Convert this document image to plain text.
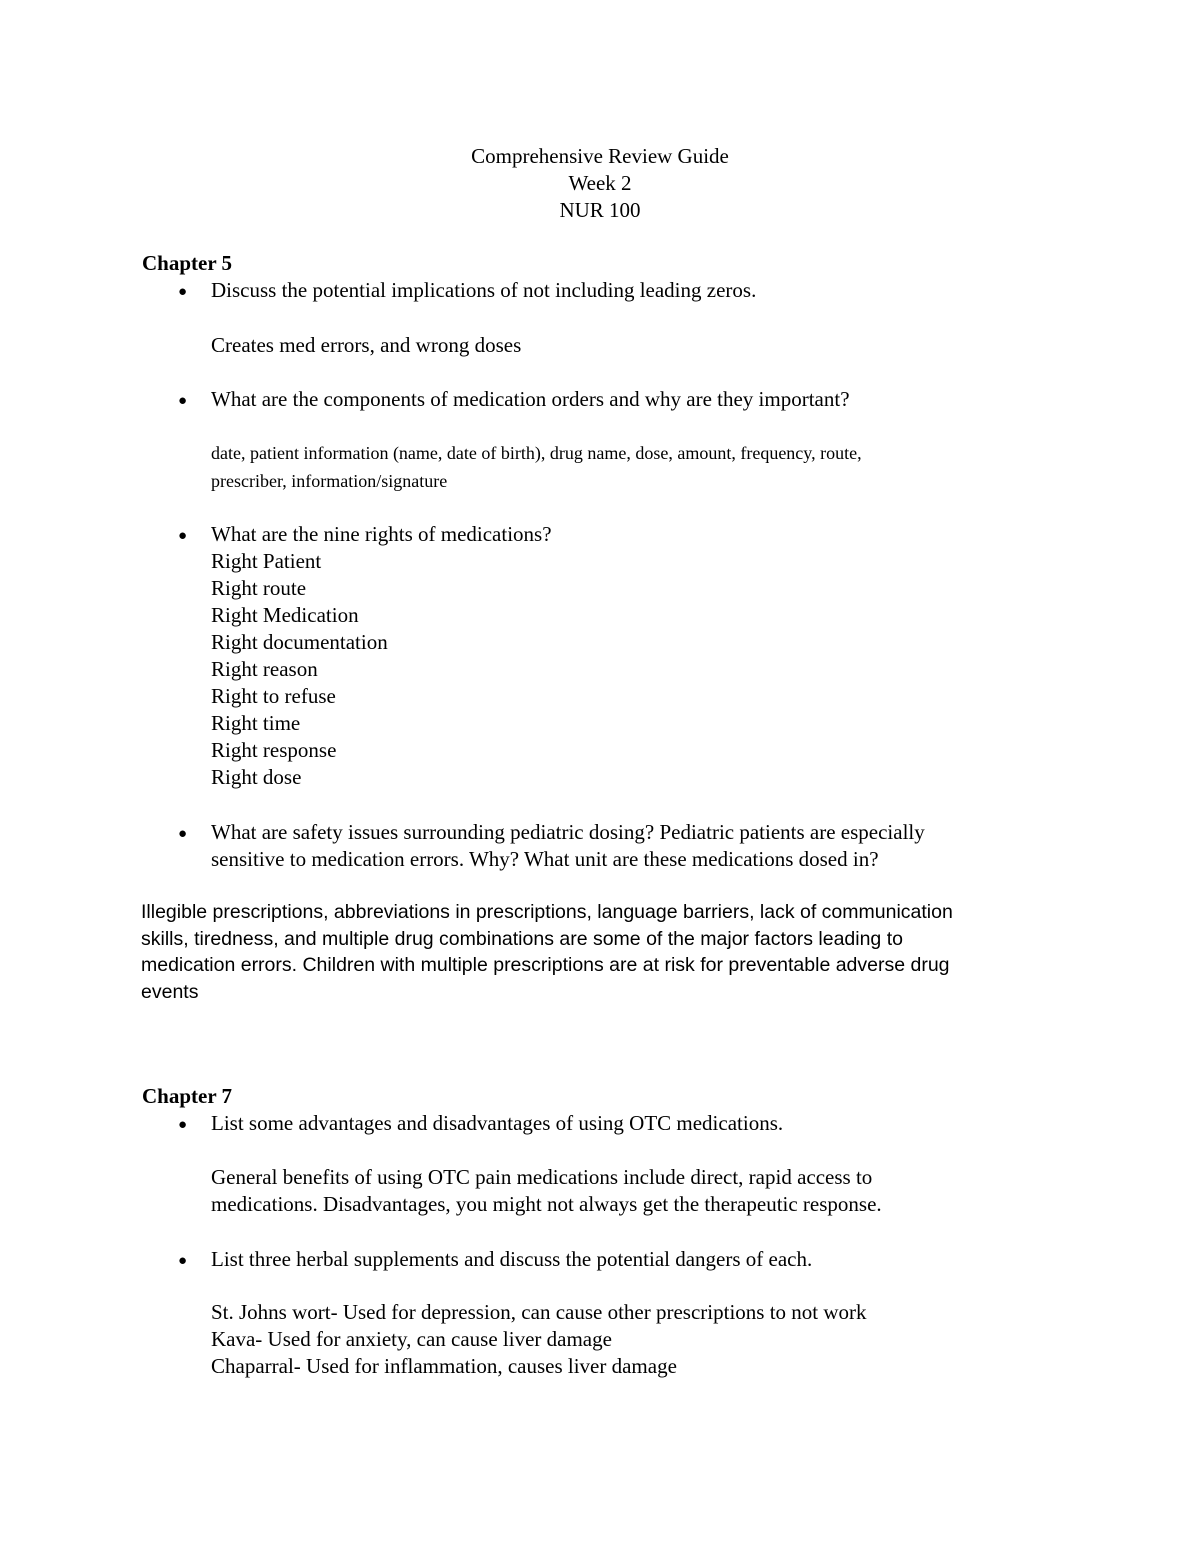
Comprehensive Review Guide
Week 2
NUR 100
Chapter 5
● Discuss the potential implications of not including leading zeros.
Creates med errors, and wrong doses
● What are the components of medication orders and why are they important?
date, patient information (name, date of birth), drug name, dose, amount, frequency, route,
prescriber, information/signature
● What are the nine rights of medications?
Right Patient
Right route
Right Medication
Right documentation
Right reason
Right to refuse
Right time
Right response
Right dose
● What are safety issues surrounding pediatric dosing? Pediatric patients are especially
sensitive to medication errors. Why? What unit are these medications dosed in?
Illegible prescriptions, abbreviations in prescriptions, language barriers, lack of communication
skills, tiredness, and multiple drug combinations are some of the major factors leading to
medication errors. Children with multiple prescriptions are at risk for preventable adverse drug
events
Chapter 7
● List some advantages and disadvantages of using OTC medications.
General benefits of using OTC pain medications include direct, rapid access to
medications. Disadvantages, you might not always get the therapeutic response.
● List three herbal supplements and discuss the potential dangers of each.
St. Johns wort- Used for depression, can cause other prescriptions to not work
Kava- Used for anxiety, can cause liver damage
Chaparral- Used for inflammation, causes liver damage
